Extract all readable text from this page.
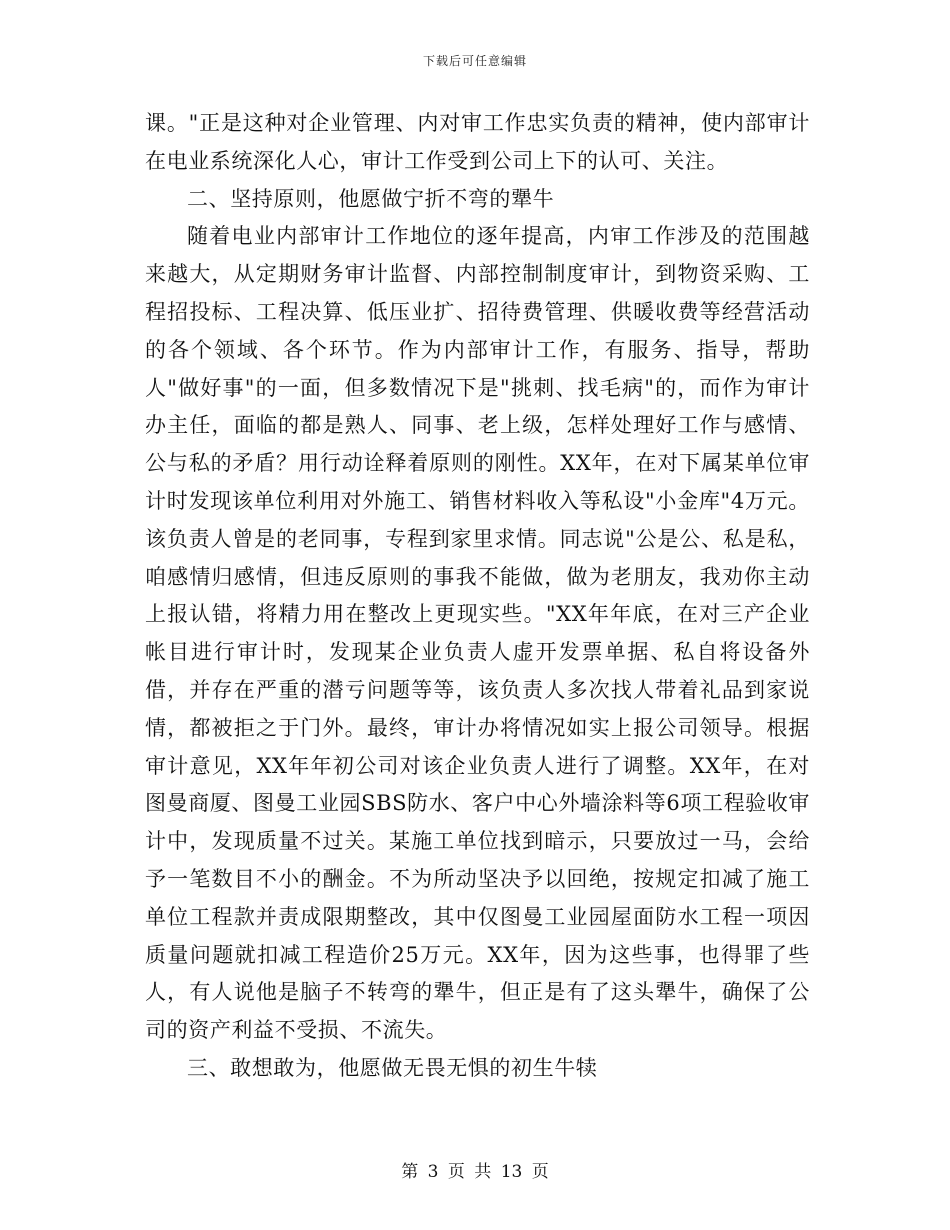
下载后可任意编辑

课。"正是这种对企业管理、内对审工作忠实负责的精神，使内部审计在电业系统深化人心，审计工作受到公司上下的认可、关注。

二、坚持原则，他愿做宁折不弯的犟牛

随着电业内部审计工作地位的逐年提高，内审工作涉及的范围越来越大，从定期财务审计监督、内部控制制度审计，到物资采购、工程招投标、工程决算、低压业扩、招待费管理、供暖收费等经营活动的各个领域、各个环节。作为内部审计工作，有服务、指导，帮助人"做好事"的一面，但多数情况下是"挑刺、找毛病"的，而作为审计办主任，面临的都是熟人、同事、老上级，怎样处理好工作与感情、公与私的矛盾？用行动诠释着原则的刚性。XX年，在对下属某单位审计时发现该单位利用对外施工、销售材料收入等私设"小金库"4万元。该负责人曾是的老同事，专程到家里求情。同志说"公是公、私是私，咱感情归感情，但违反原则的事我不能做，做为老朋友，我劝你主动上报认错，将精力用在整改上更现实些。"XX年年底，在对三产企业帐目进行审计时，发现某企业负责人虚开发票单据、私自将设备外借，并存在严重的潜亏问题等等，该负责人多次找人带着礼品到家说情，都被拒之于门外。最终，审计办将情况如实上报公司领导。根据审计意见，XX年年初公司对该企业负责人进行了调整。XX年，在对图曼商厦、图曼工业园SBS防水、客户中心外墙涂料等6项工程验收审计中，发现质量不过关。某施工单位找到暗示，只要放过一马，会给予一笔数目不小的酬金。不为所动坚决予以回绝，按规定扣减了施工单位工程款并责成限期整改，其中仅图曼工业园屋面防水工程一项因质量问题就扣减工程造价25万元。XX年，因为这些事，也得罪了些人，有人说他是脑子不转弯的犟牛，但正是有了这头犟牛，确保了公司的资产利益不受损、不流失。

三、敢想敢为，他愿做无畏无惧的初生牛犊

第 3 页 共 13 页
